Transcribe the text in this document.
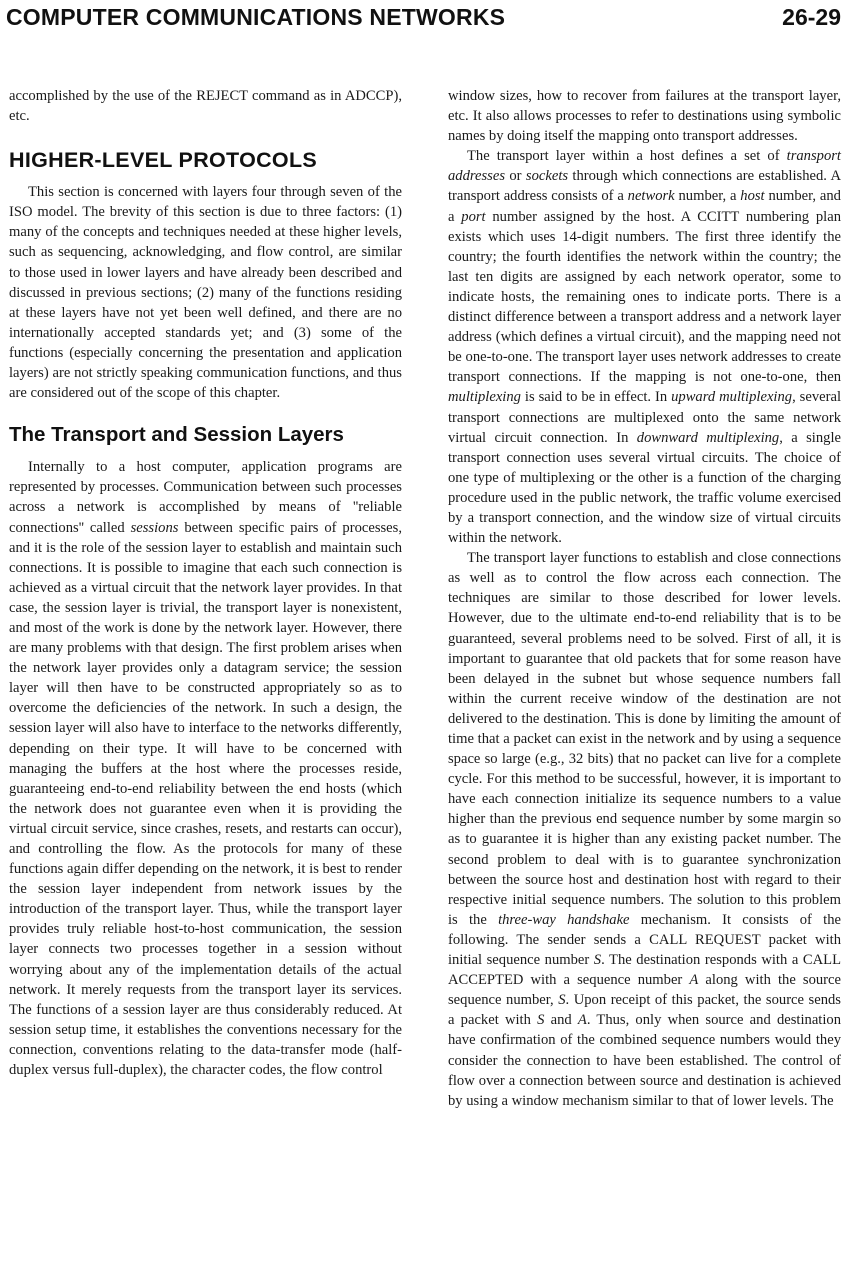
COMPUTER COMMUNICATIONS NETWORKS	26-29

accomplished by the use of the REJECT command as in ADCCP), etc.

HIGHER-LEVEL PROTOCOLS

This section is concerned with layers four through seven of the ISO model. The brevity of this section is due to three factors: (1) many of the concepts and techniques needed at these higher levels, such as sequencing, acknowledging, and flow control, are similar to those used in lower layers and have already been described and discussed in previous sections; (2) many of the functions residing at these layers have not yet been well defined, and there are no internationally accepted standards yet; and (3) some of the functions (especially concerning the presentation and application layers) are not strictly speaking communication functions, and thus are considered out of the scope of this chapter.

The Transport and Session Layers

Internally to a host computer, application programs are represented by processes. Communication between such processes across a network is accomplished by means of ''reliable connections'' called sessions between specific pairs of processes, and it is the role of the session layer to establish and maintain such connections. It is possible to imagine that each such connection is achieved as a virtual circuit that the network layer provides. In that case, the session layer is trivial, the transport layer is nonexistent, and most of the work is done by the network layer. However, there are many problems with that design. The first problem arises when the network layer provides only a datagram service; the session layer will then have to be constructed appropriately so as to overcome the deficiencies of the network. In such a design, the session layer will also have to interface to the networks differently, depending on their type. It will have to be concerned with managing the buffers at the host where the processes reside, guaranteeing end-to-end reliability between the end hosts (which the network does not guarantee even when it is providing the virtual circuit service, since crashes, resets, and restarts can occur), and controlling the flow. As the protocols for many of these functions again differ depending on the network, it is best to render the session layer independent from network issues by the introduction of the transport layer. Thus, while the transport layer provides truly reliable host-to-host communication, the session layer connects two processes together in a session without worrying about any of the implementation details of the actual network. It merely requests from the transport layer its services. The functions of a session layer are thus considerably reduced. At session setup time, it establishes the conventions necessary for the connection, conventions relating to the data-transfer mode (half-duplex versus full-duplex), the character codes, the flow control

window sizes, how to recover from failures at the transport layer, etc. It also allows processes to refer to destinations using symbolic names by doing itself the mapping onto transport addresses.

The transport layer within a host defines a set of transport addresses or sockets through which connections are established. A transport address consists of a network number, a host number, and a port number assigned by the host. A CCITT numbering plan exists which uses 14-digit numbers. The first three identify the country; the fourth identifies the network within the country; the last ten digits are assigned by each network operator, some to indicate hosts, the remaining ones to indicate ports. There is a distinct difference between a transport address and a network layer address (which defines a virtual circuit), and the mapping need not be one-to-one. The transport layer uses network addresses to create transport connections. If the mapping is not one-to-one, then multiplexing is said to be in effect. In upward multiplexing, several transport connections are multiplexed onto the same network virtual circuit connection. In downward multiplexing, a single transport connection uses several virtual circuits. The choice of one type of multiplexing or the other is a function of the charging procedure used in the public network, the traffic volume exercised by a transport connection, and the window size of virtual circuits within the network.

The transport layer functions to establish and close connections as well as to control the flow across each connection. The techniques are similar to those described for lower levels. However, due to the ultimate end-to-end reliability that is to be guaranteed, several problems need to be solved. First of all, it is important to guarantee that old packets that for some reason have been delayed in the subnet but whose sequence numbers fall within the current receive window of the destination are not delivered to the destination. This is done by limiting the amount of time that a packet can exist in the network and by using a sequence space so large (e.g., 32 bits) that no packet can live for a complete cycle. For this method to be successful, however, it is important to have each connection initialize its sequence numbers to a value higher than the previous end sequence number by some margin so as to guarantee it is higher than any existing packet number. The second problem to deal with is to guarantee synchronization between the source host and destination host with regard to their respective initial sequence numbers. The solution to this problem is the three-way handshake mechanism. It consists of the following. The sender sends a CALL REQUEST packet with initial sequence number S. The destination responds with a CALL ACCEPTED with a sequence number A along with the source sequence number, S. Upon receipt of this packet, the source sends a packet with S and A. Thus, only when source and destination have confirmation of the combined sequence numbers would they consider the connection to have been established. The control of flow over a connection between source and destination is achieved by using a window mechanism similar to that of lower levels. The
